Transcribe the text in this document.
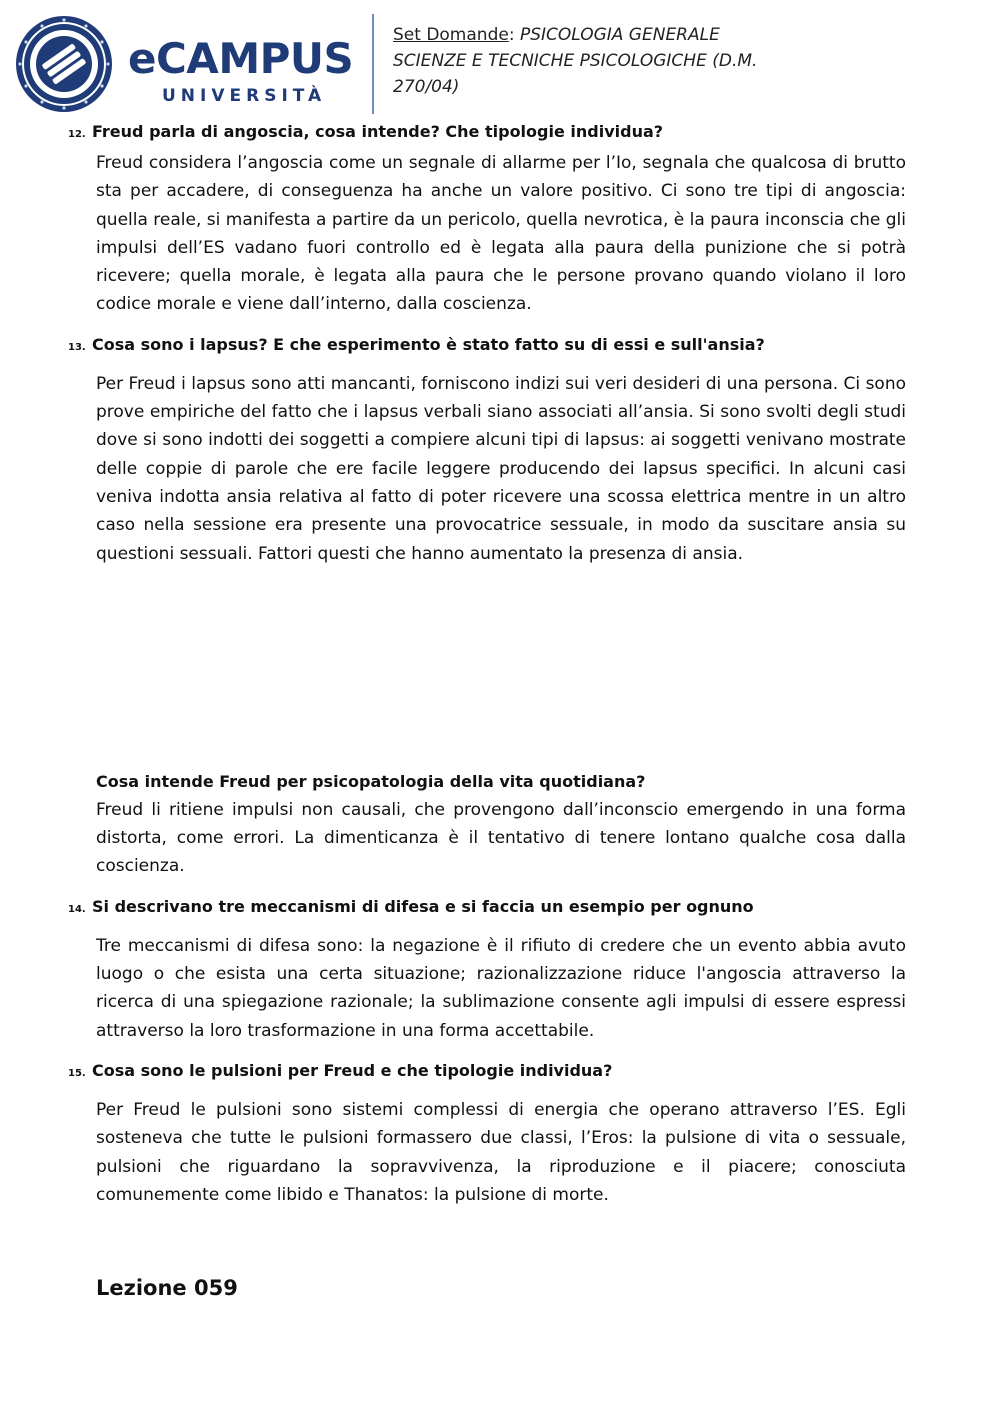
eCAMPUS
UNIVERSITÀ
Set Domande: PSICOLOGIA GENERALE
SCIENZE E TECNICHE PSICOLOGICHE (D.M. 270/04)
12. Freud parla di angoscia, cosa intende? Che tipologie individua?

Freud considera l’angoscia come un segnale di allarme per l’Io, segnala che qualcosa di brutto sta per accadere, di conseguenza ha anche un valore positivo. Ci sono tre tipi di angoscia: quella reale, si manifesta a partire da un pericolo, quella nevrotica, è la paura inconscia che gli impulsi dell’ES vadano fuori controllo ed è legata alla paura della punizione che si potrà ricevere; quella morale, è legata alla paura che le persone provano quando violano il loro codice morale e viene dall’interno, dalla coscienza.

13. Cosa sono i lapsus? E che esperimento è stato fatto su di essi e sull'ansia?

Per Freud i lapsus sono atti mancanti, forniscono indizi sui veri desideri di una persona. Ci sono prove empiriche del fatto che i lapsus verbali siano associati all’ansia. Si sono svolti degli studi dove si sono indotti dei soggetti a compiere alcuni tipi di lapsus: ai soggetti venivano mostrate delle coppie di parole che ere facile leggere producendo dei lapsus specifici. In alcuni casi veniva indotta ansia relativa al fatto di poter ricevere una scossa elettrica mentre in un altro caso nella sessione era presente una provocatrice sessuale, in modo da suscitare ansia su questioni sessuali. Fattori questi che hanno aumentato la presenza di ansia.

Cosa intende Freud per psicopatologia della vita quotidiana?

Freud li ritiene impulsi non causali, che provengono dall’inconscio emergendo in una forma distorta, come errori. La dimenticanza è il tentativo di tenere lontano qualche cosa dalla coscienza.

14. Si descrivano tre meccanismi di difesa e si faccia un esempio per ognuno

Tre meccanismi di difesa sono: la negazione è il rifiuto di credere che un evento abbia avuto luogo o che esista una certa situazione; razionalizzazione riduce l'angoscia attraverso la ricerca di una spiegazione razionale; la sublimazione consente agli impulsi di essere espressi attraverso la loro trasformazione in una forma accettabile.

15. Cosa sono le pulsioni per Freud e che tipologie individua?

Per Freud le pulsioni sono sistemi complessi di energia che operano attraverso l’ES. Egli sosteneva che tutte le pulsioni formassero due classi, l’Eros: la pulsione di vita o sessuale, pulsioni che riguardano la sopravvivenza, la riproduzione e il piacere; conosciuta comunemente come libido e Thanatos: la pulsione di morte.

Lezione 059
